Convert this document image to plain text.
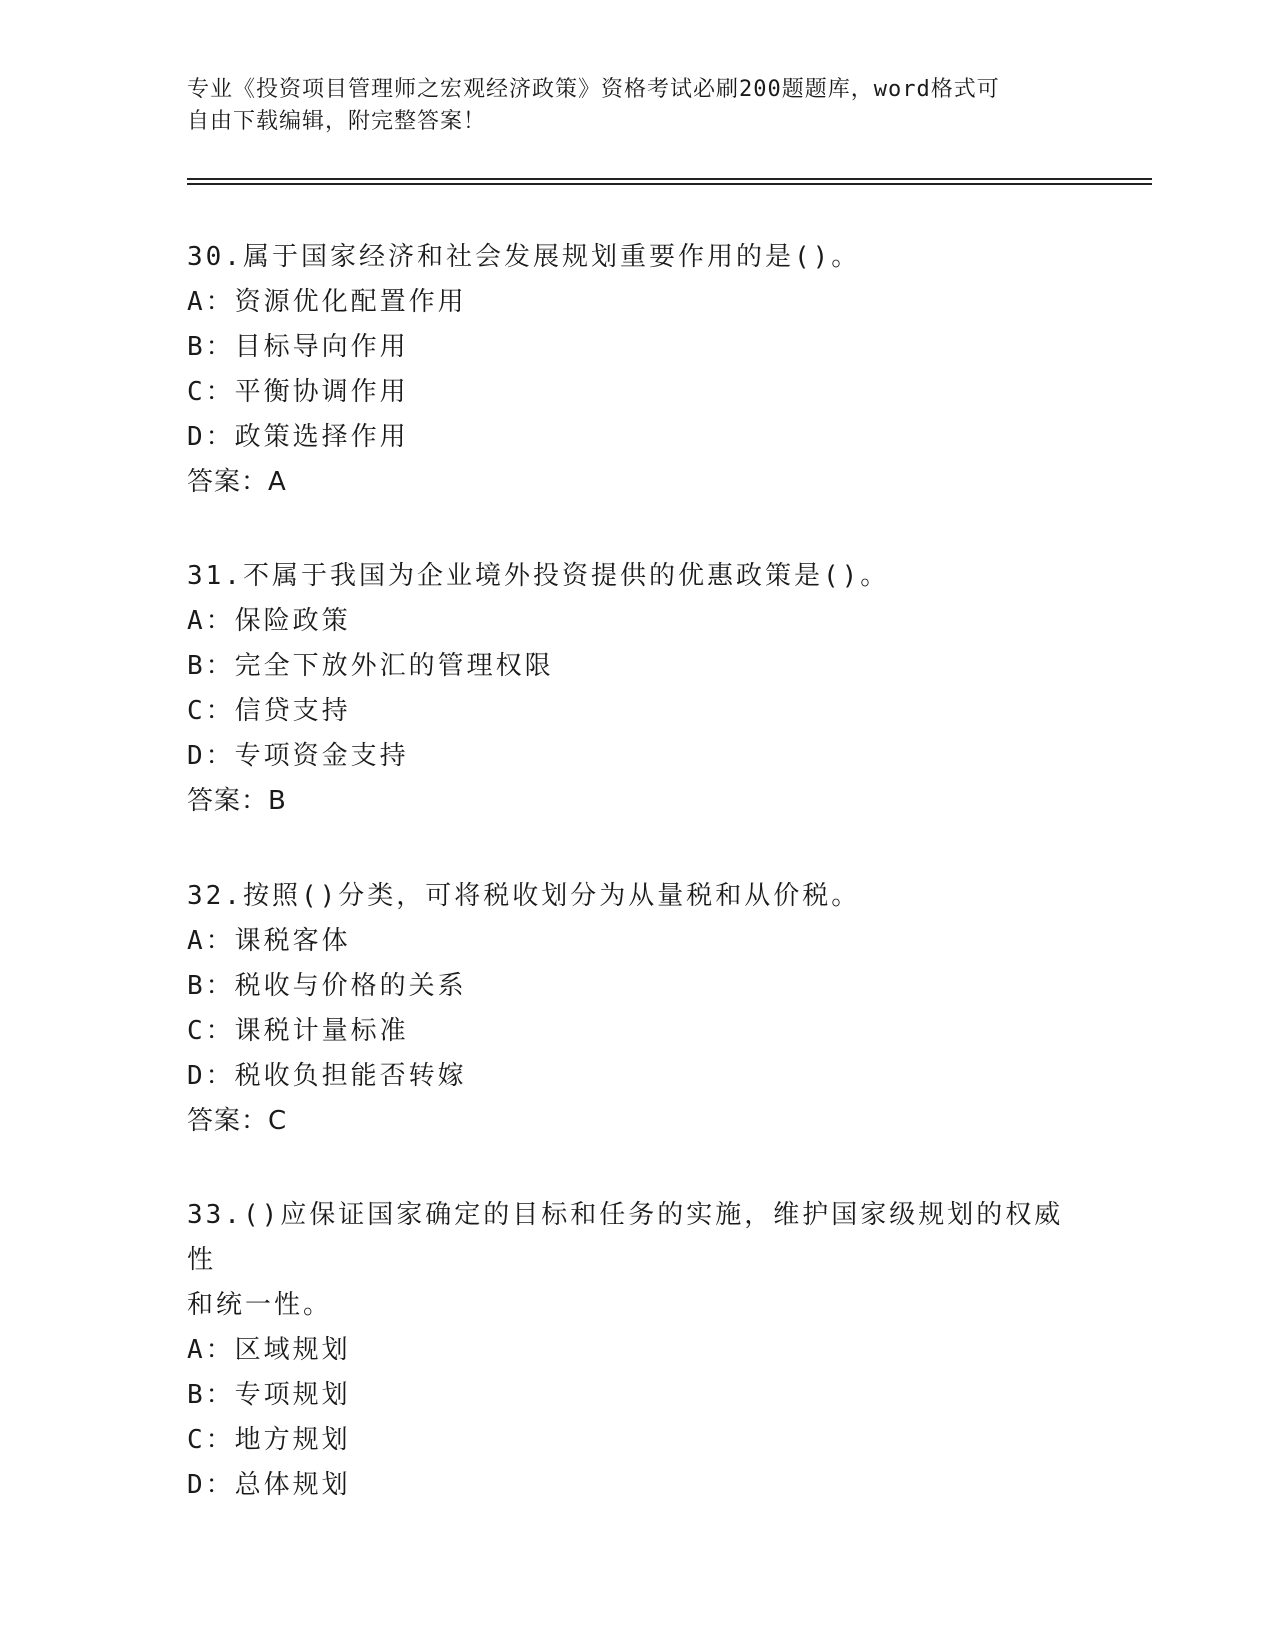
专业《投资项目管理师之宏观经济政策》资格考试必刷200题题库，word格式可
自由下载编辑，附完整答案！
30.属于国家经济和社会发展规划重要作用的是()。
A：资源优化配置作用
B：目标导向作用
C：平衡协调作用
D：政策选择作用
答案：A
31.不属于我国为企业境外投资提供的优惠政策是()。
A：保险政策
B：完全下放外汇的管理权限
C：信贷支持
D：专项资金支持
答案：B
32.按照()分类，可将税收划分为从量税和从价税。
A：课税客体
B：税收与价格的关系
C：课税计量标准
D：税收负担能否转嫁
答案：C
33.()应保证国家确定的目标和任务的实施，维护国家级规划的权威性
和统一性。
A：区域规划
B：专项规划
C：地方规划
D：总体规划
